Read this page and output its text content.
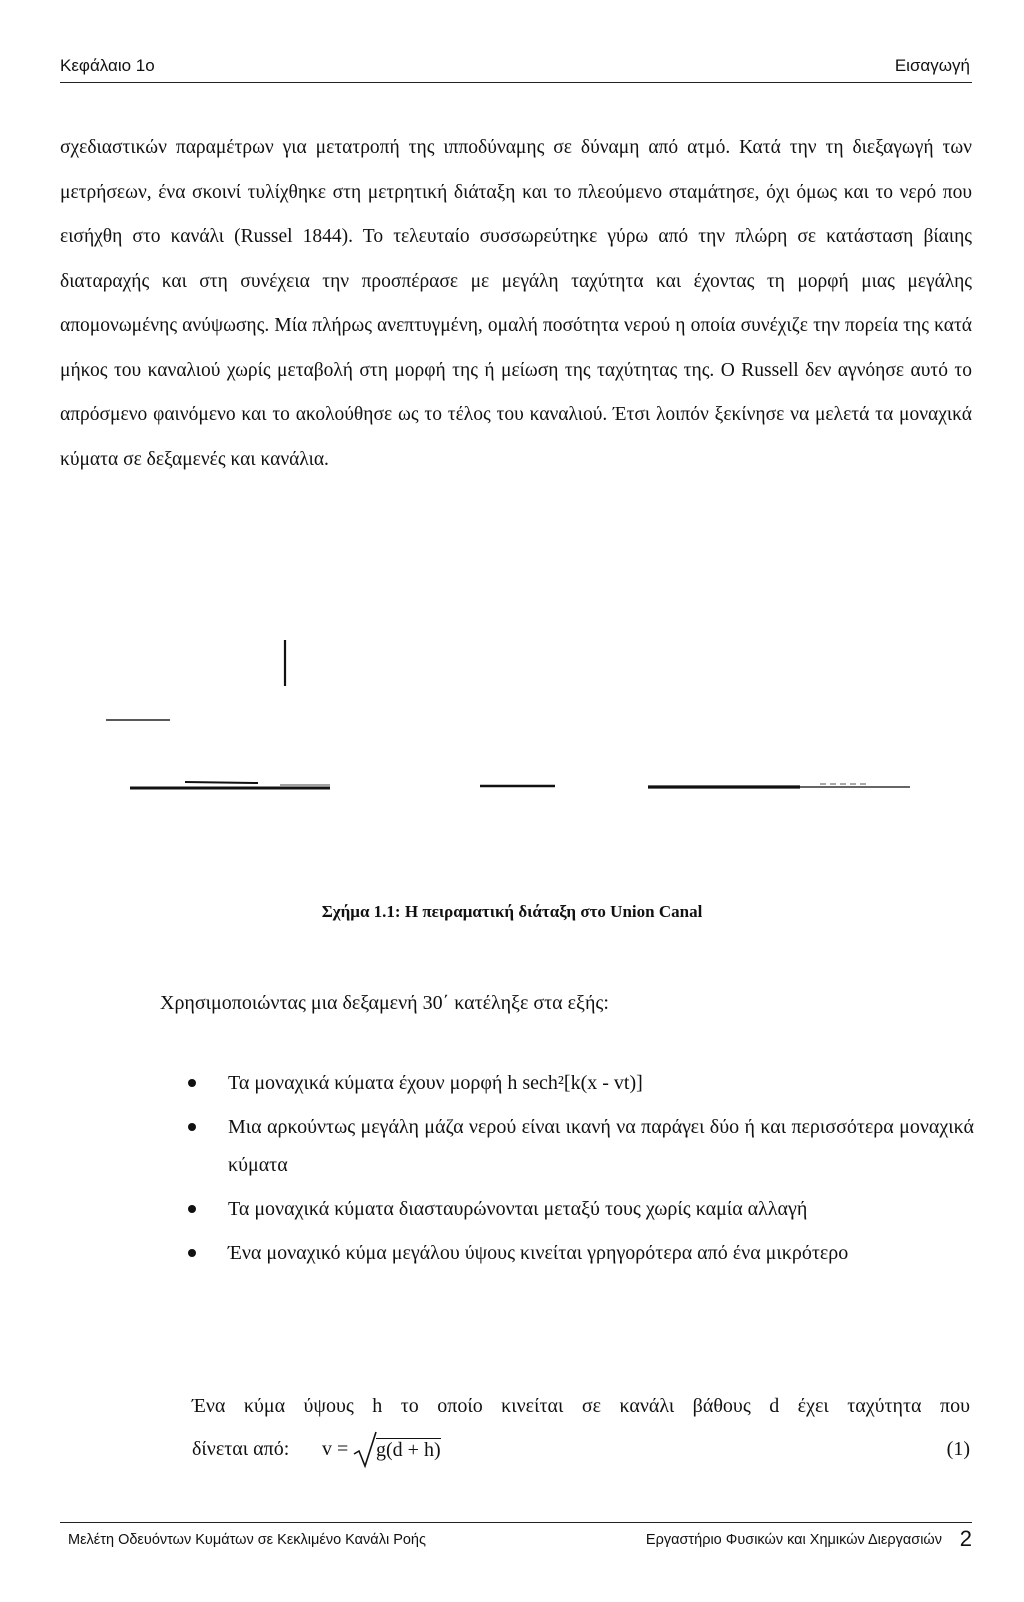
Κεφάλαιο 1ο	Εισαγωγή

σχεδιαστικών παραμέτρων για μετατροπή της ιπποδύναμης σε δύναμη από ατμό. Κατά την τη διεξαγωγή των μετρήσεων, ένα σκοινί τυλίχθηκε στη μετρητική διάταξη και το πλεούμενο σταμάτησε, όχι όμως και το νερό που εισήχθη στο κανάλι (Russel 1844). Το τελευταίο συσσωρεύτηκε γύρω από την πλώρη σε κατάσταση βίαιης διαταραχής και στη συνέχεια την προσπέρασε με μεγάλη ταχύτητα και έχοντας τη μορφή μιας μεγάλης απομονωμένης ανύψωσης. Μία πλήρως ανεπτυγμένη, ομαλή ποσότητα νερού η οποία συνέχιζε την πορεία της κατά μήκος του καναλιού χωρίς μεταβολή στη μορφή της ή μείωση της ταχύτητας της. Ο Russell δεν αγνόησε αυτό το απρόσμενο φαινόμενο και το ακολούθησε ως το τέλος του καναλιού. Έτσι λοιπόν ξεκίνησε να μελετά τα μοναχικά κύματα σε δεξαμενές και κανάλια.

Σχήμα 1.1: Η πειραματική διάταξη στο Union Canal

Χρησιμοποιώντας μια δεξαμενή 30΄ κατέληξε στα εξής:

Τα μοναχικά κύματα έχουν μορφή h sech²[k(x - vt)]
Μια αρκούντως μεγάλη μάζα νερού είναι ικανή να παράγει δύο ή και περισσότερα μοναχικά κύματα
Τα μοναχικά κύματα διασταυρώνονται μεταξύ τους χωρίς καμία αλλαγή
Ένα μοναχικό κύμα μεγάλου ύψους κινείται γρηγορότερα από ένα μικρότερο

Ένα κύμα ύψους h το οποίο κινείται σε κανάλι βάθους d έχει ταχύτητα που

δίνεται από: v = g(d + h)	(1)
Μελέτη Οδευόντων Κυμάτων σε Κεκλιμένο Κανάλι Ροής	Εργαστήριο Φυσικών και Χημικών Διεργασιών 2
